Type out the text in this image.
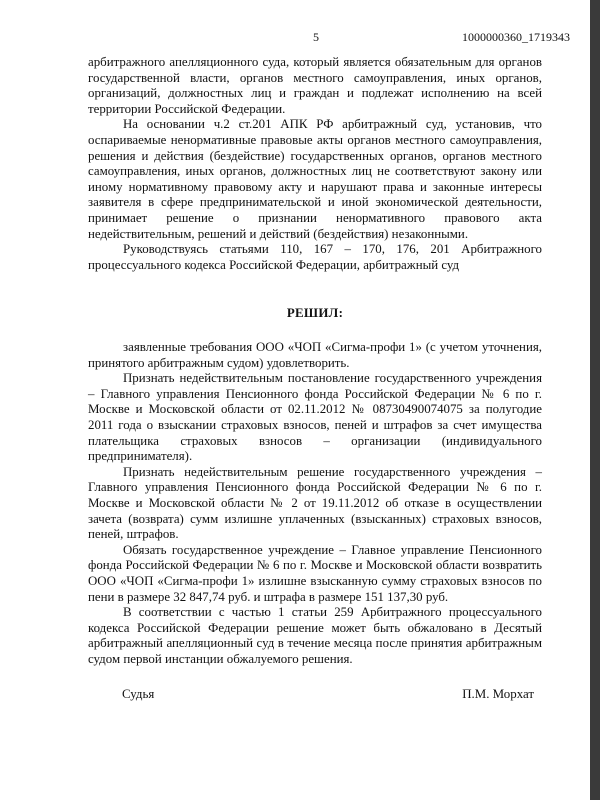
5	1000000360_1719343

арбитражного апелляционного суда, который является обязательным для органов государственной власти, органов местного самоуправления, иных органов, организаций, должностных лиц и граждан и подлежат исполнению на всей территории Российской Федерации.

На основании ч.2 ст.201 АПК РФ арбитражный суд, установив, что оспариваемые ненормативные правовые акты органов местного самоуправления, решения и действия (бездействие) государственных органов, органов местного самоуправления, иных органов, должностных лиц не соответствуют закону или иному нормативному правовому акту и нарушают права и законные интересы заявителя в сфере предпринимательской и иной экономической деятельности, принимает решение о признании ненормативного правового акта недействительным, решений и действий (бездействия) незаконными.

Руководствуясь статьями 110, 167 – 170, 176, 201 Арбитражного процессуального кодекса Российской Федерации, арбитражный суд

РЕШИЛ:

заявленные требования ООО «ЧОП «Сигма-профи 1» (с учетом уточнения, принятого арбитражным судом) удовлетворить.

Признать недействительным постановление государственного учреждения – Главного управления Пенсионного фонда Российской Федерации № 6 по г. Москве и Московской области от 02.11.2012 № 08730490074075 за полугодие 2011 года о взыскании страховых взносов, пеней и штрафов за счет имущества плательщика страховых взносов – организации (индивидуального предпринимателя).

Признать недействительным решение государственного учреждения – Главного управления Пенсионного фонда Российской Федерации № 6 по г. Москве и Московской области № 2 от 19.11.2012 об отказе в осуществлении зачета (возврата) сумм излишне уплаченных (взысканных) страховых взносов, пеней, штрафов.

Обязать государственное учреждение – Главное управление Пенсионного фонда Российской Федерации № 6 по г. Москве и Московской области возвратить ООО «ЧОП «Сигма-профи 1» излишне взысканную сумму страховых взносов по пени в размере 32 847,74 руб. и штрафа в размере 151 137,30 руб.

В соответствии с частью 1 статьи 259 Арбитражного процессуального кодекса Российской Федерации решение может быть обжаловано в Десятый арбитражный апелляционный суд в течение месяца после принятия арбитражным судом первой инстанции обжалуемого решения.

Судья	П.М. Морхат
